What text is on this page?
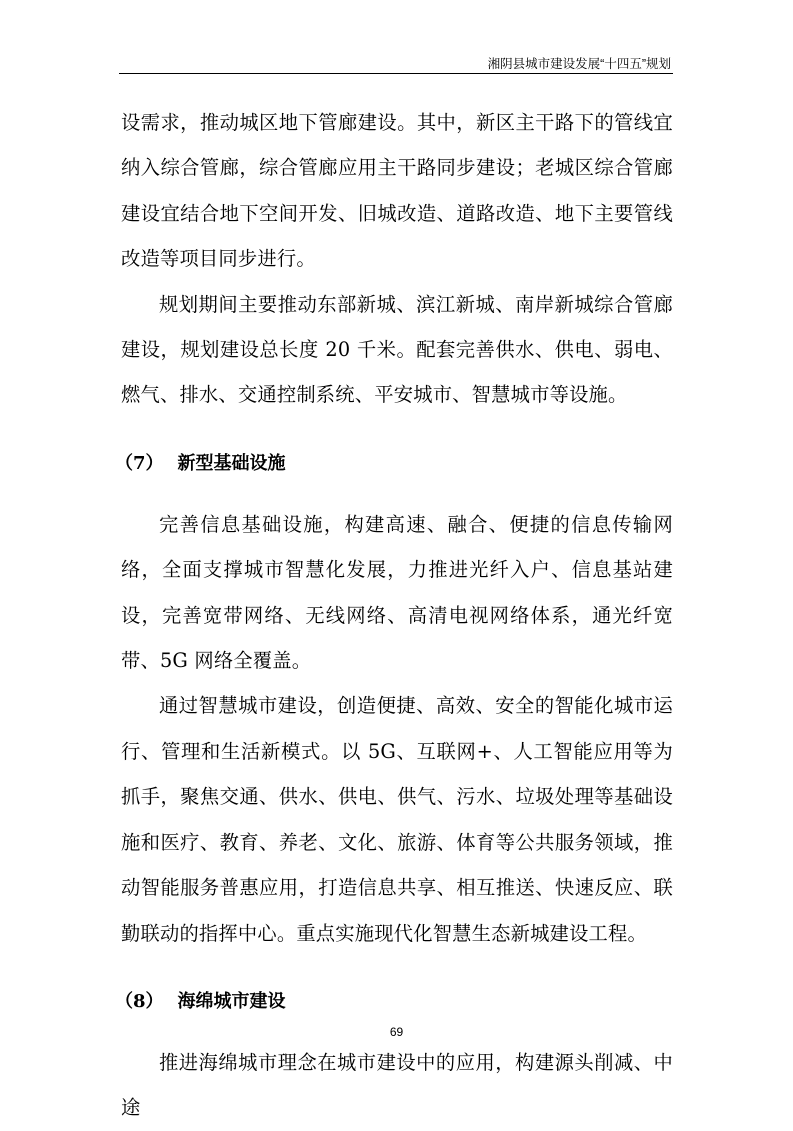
湘阴县城市建设发展“十四五”规划

设需求，推动城区地下管廊建设。其中，新区主干路下的管线宜纳入综合管廊，综合管廊应用主干路同步建设；老城区综合管廊建设宜结合地下空间开发、旧城改造、道路改造、地下主要管线改造等项目同步进行。

规划期间主要推动东部新城、滨江新城、南岸新城综合管廊建设，规划建设总长度 20 千米。配套完善供水、供电、弱电、燃气、排水、交通控制系统、平安城市、智慧城市等设施。

（7） 新型基础设施

完善信息基础设施，构建高速、融合、便捷的信息传输网络，全面支撑城市智慧化发展，力推进光纤入户、信息基站建设，完善宽带网络、无线网络、高清电视网络体系，通光纤宽带、5G 网络全覆盖。

通过智慧城市建设，创造便捷、高效、安全的智能化城市运行、管理和生活新模式。以 5G、互联网+、人工智能应用等为抓手，聚焦交通、供水、供电、供气、污水、垃圾处理等基础设施和医疗、教育、养老、文化、旅游、体育等公共服务领域，推动智能服务普惠应用，打造信息共享、相互推送、快速反应、联勤联动的指挥中心。重点实施现代化智慧生态新城建设工程。

（8） 海绵城市建设

推进海绵城市理念在城市建设中的应用，构建源头削减、中途

69
